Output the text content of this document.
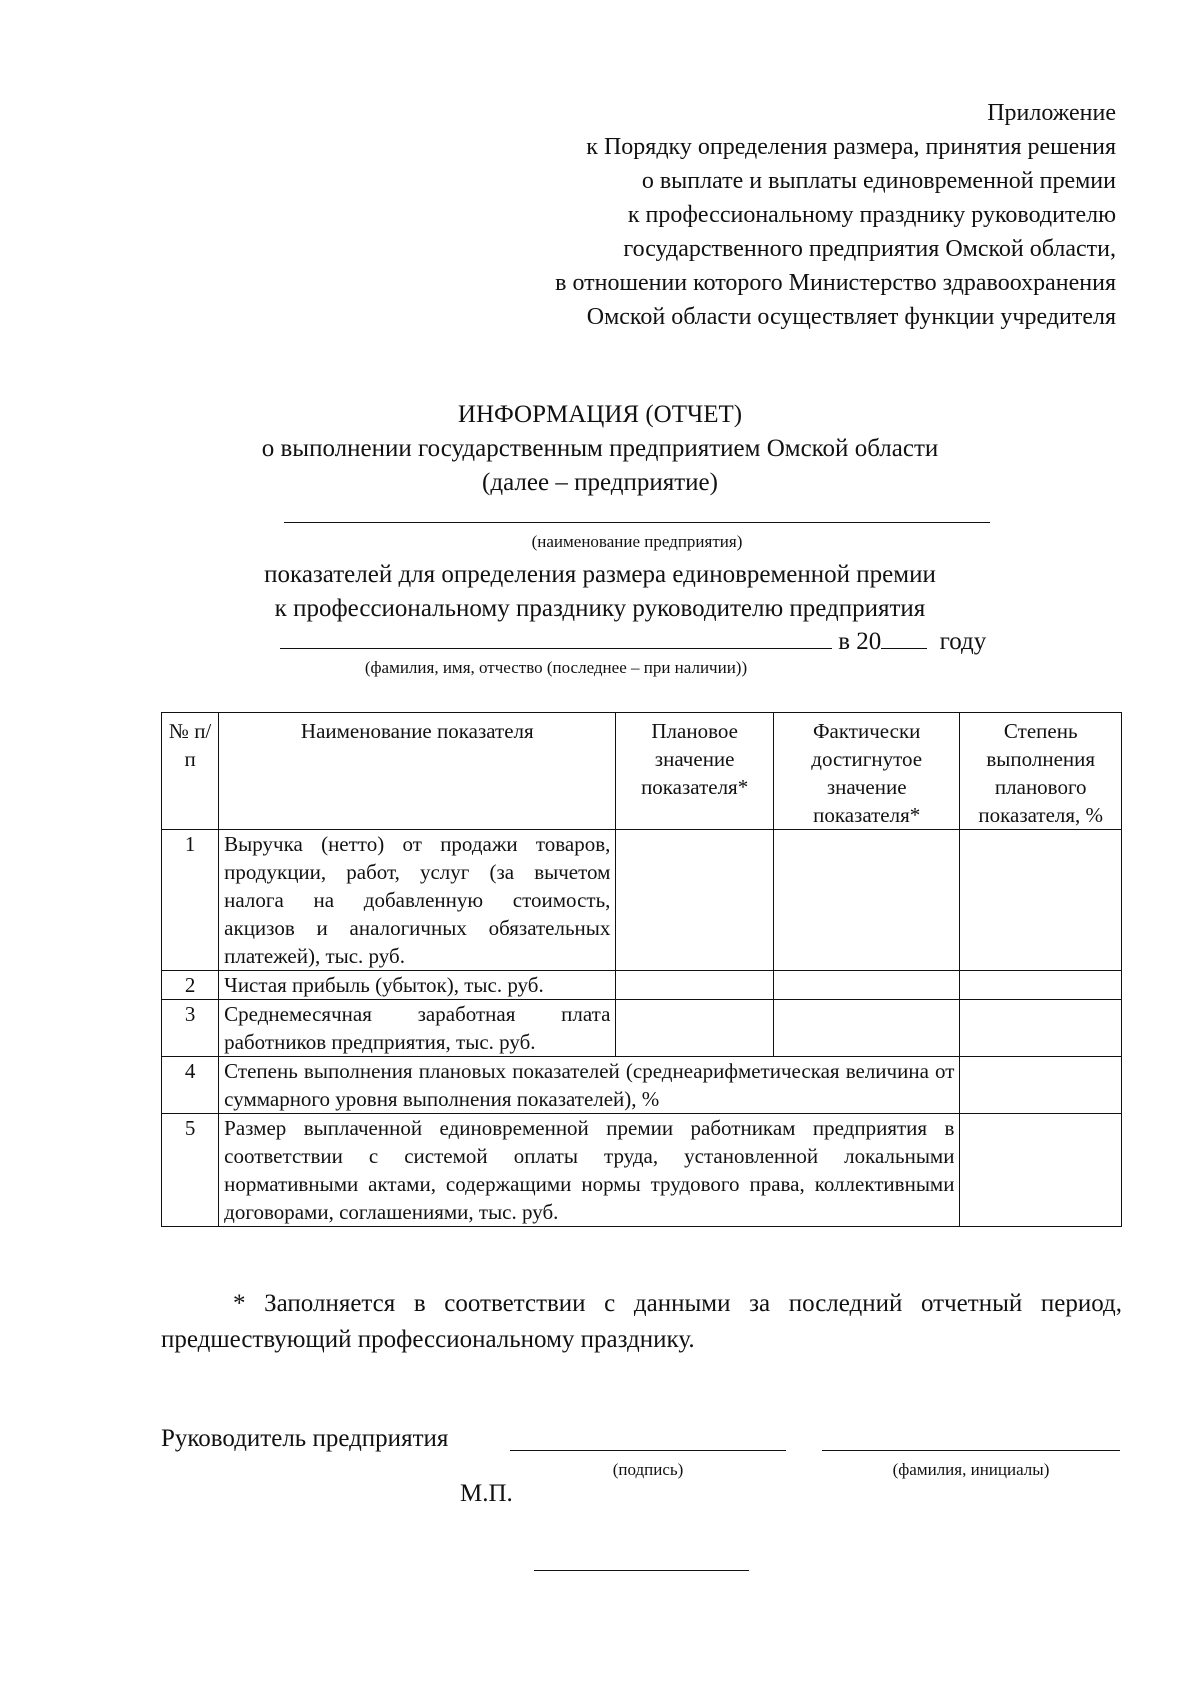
Приложение
к Порядку определения размера, принятия решения
о выплате и выплаты единовременной премии
к профессиональному празднику руководителю
государственного предприятия Омской области,
в отношении которого Министерство здравоохранения
Омской области осуществляет функции учредителя
ИНФОРМАЦИЯ (ОТЧЕТ)
о выполнении государственным предприятием Омской области
(далее – предприятие)
(наименование предприятия)
показателей для определения размера единовременной премии
к профессиональному празднику руководителю предприятия
в 20 году
(фамилия, имя, отчество (последнее – при наличии))
№ п/п	Наименование показателя	Плановое значение показателя*	Фактически достигнутое значение показателя*	Степень выполнения планового показателя, %
1	Выручка (нетто) от продажи товаров, продукции, работ, услуг (за вычетом налога на добавленную стоимость, акцизов и аналогичных обязательных платежей), тыс. руб.			
2	Чистая прибыль (убыток), тыс. руб.			
3	Среднемесячная заработная плата работников предприятия, тыс. руб.			
4	Степень выполнения плановых показателей (среднеарифметическая величина от суммарного уровня выполнения показателей), %			
5	Размер выплаченной единовременной премии работникам предприятия в соответствии с системой оплаты труда, установленной локальными нормативными актами, содержащими нормы трудового права, коллективными договорами, соглашениями, тыс. руб.			
* Заполняется в соответствии с данными за последний отчетный период, предшествующий профессиональному празднику.
Руководитель предприятия
(подпись)	(фамилия, инициалы)
М.П.
